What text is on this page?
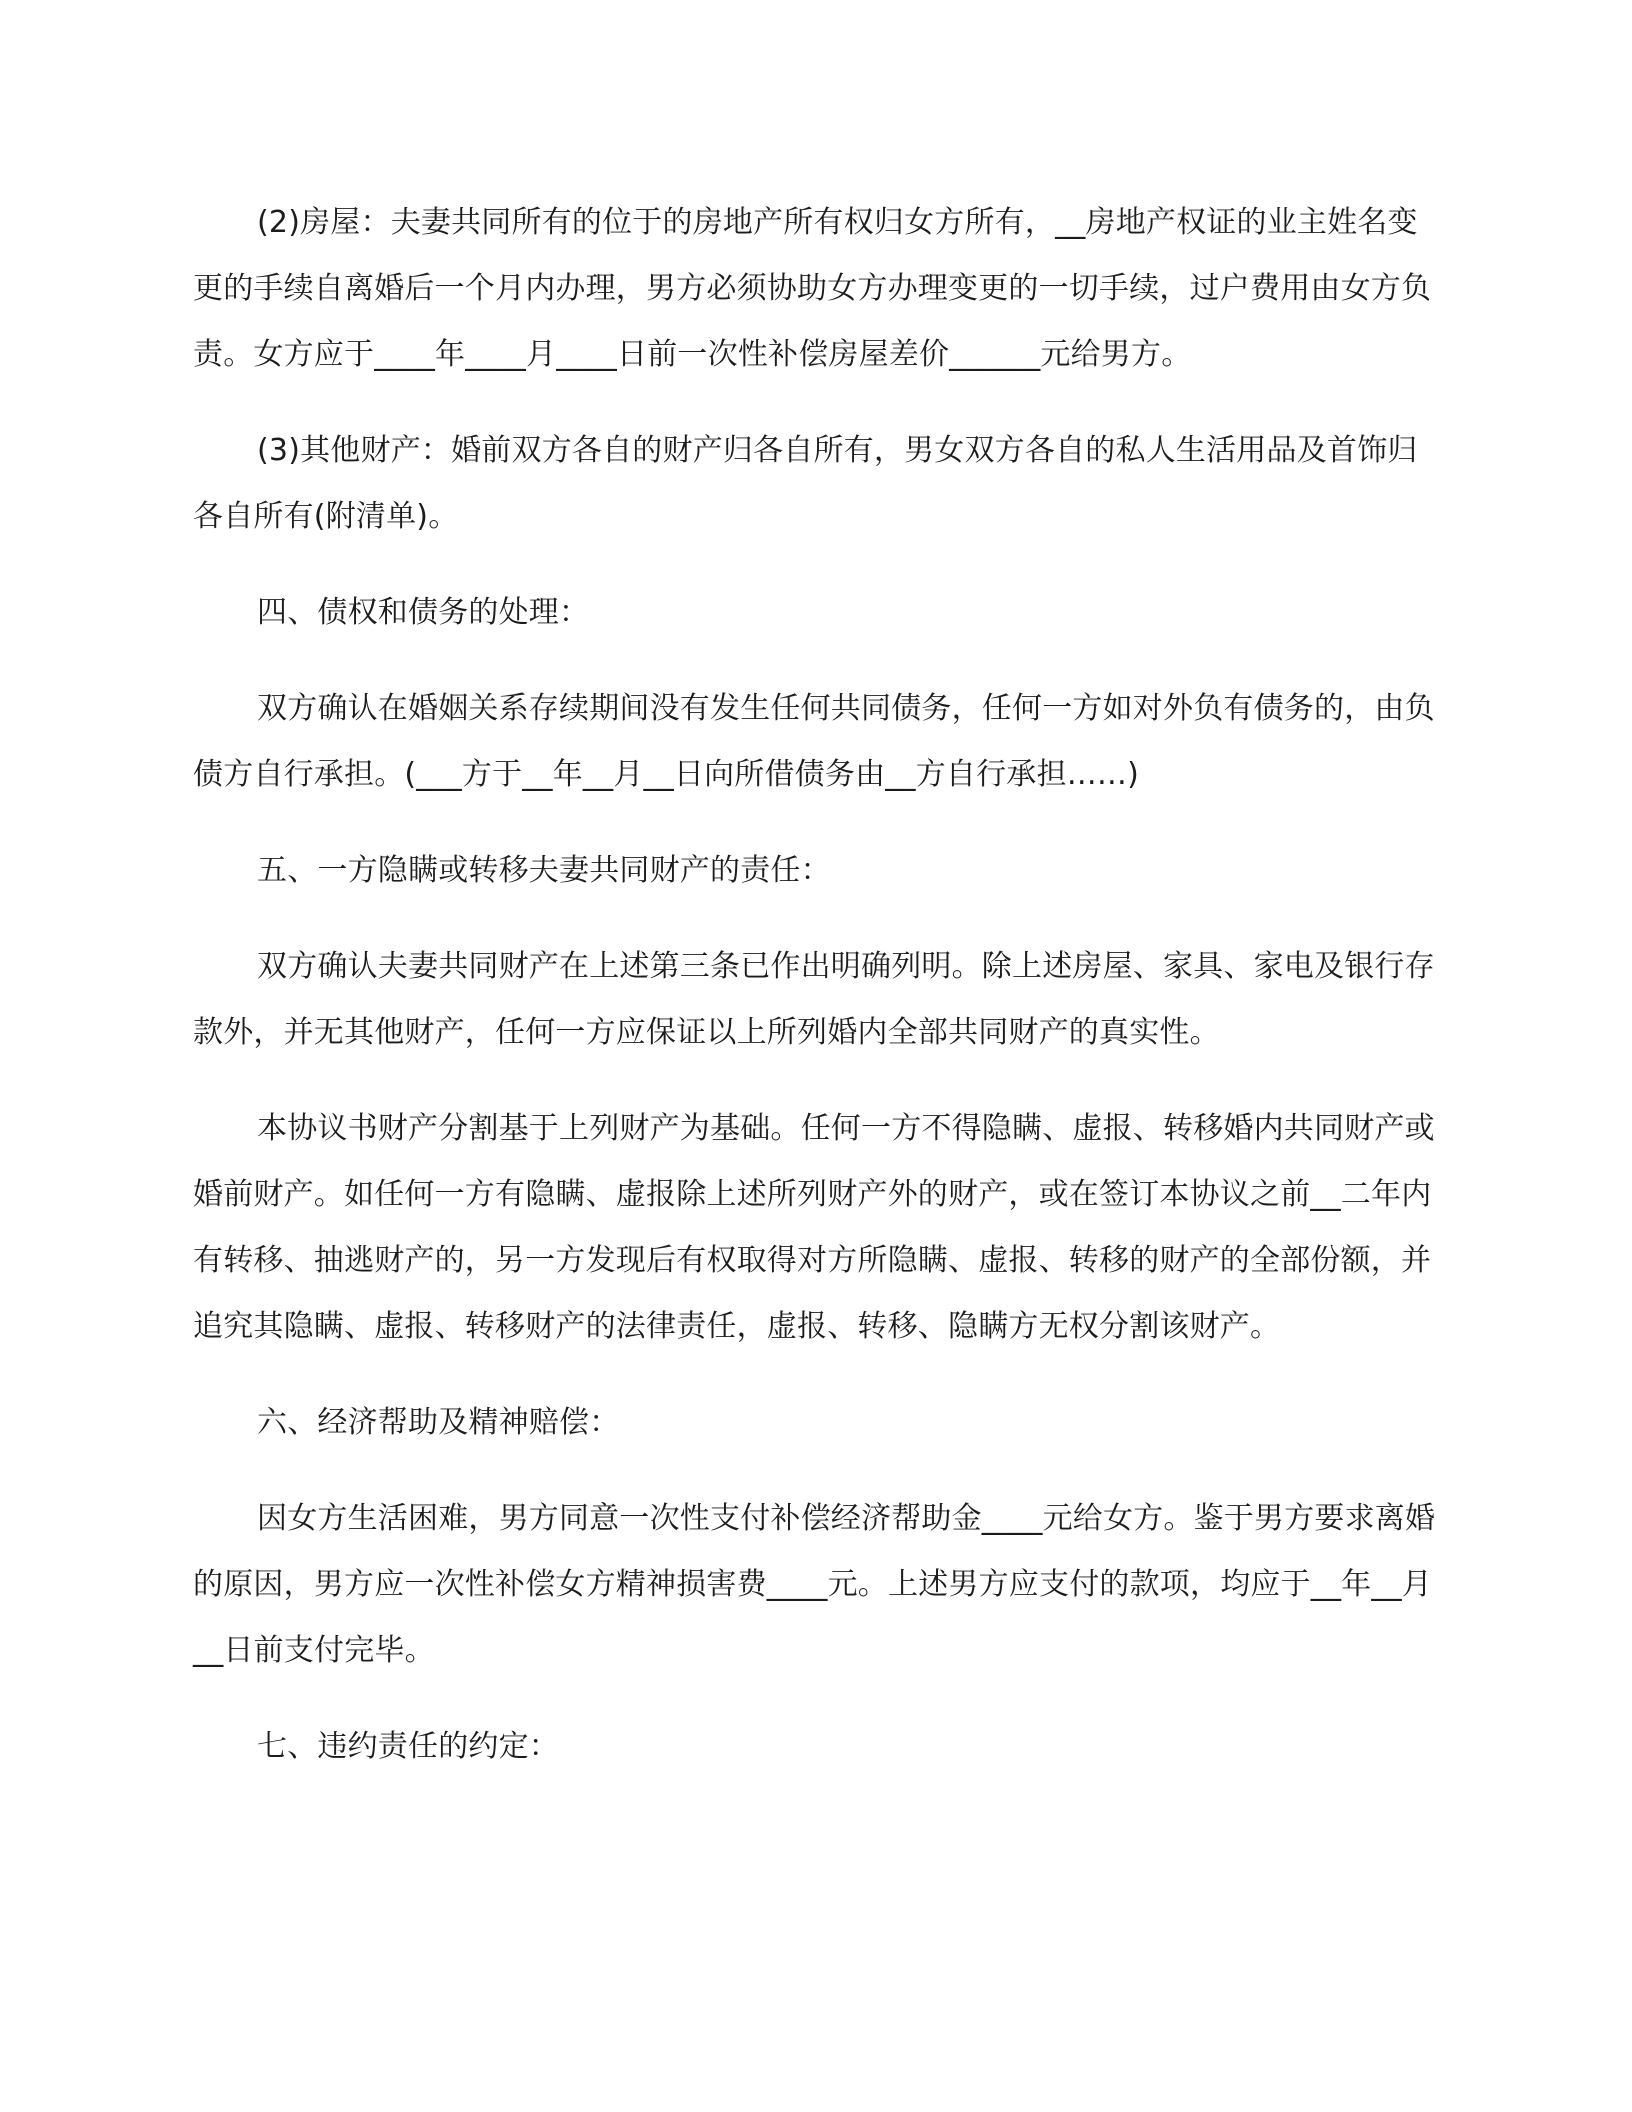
(2)房屋：夫妻共同所有的位于的房地产所有权归女方所有，__房地产权证的业主姓名变更的手续自离婚后一个月内办理，男方必须协助女方办理变更的一切手续，过户费用由女方负责。女方应于____年____月____日前一次性补偿房屋差价______元给男方。

(3)其他财产：婚前双方各自的财产归各自所有，男女双方各自的私人生活用品及首饰归各自所有(附清单)。

四、债权和债务的处理：

双方确认在婚姻关系存续期间没有发生任何共同债务，任何一方如对外负有债务的，由负债方自行承担。(___方于__年__月__日向所借债务由__方自行承担……)

五、一方隐瞒或转移夫妻共同财产的责任：

双方确认夫妻共同财产在上述第三条已作出明确列明。除上述房屋、家具、家电及银行存款外，并无其他财产，任何一方应保证以上所列婚内全部共同财产的真实性。

本协议书财产分割基于上列财产为基础。任何一方不得隐瞒、虚报、转移婚内共同财产或婚前财产。如任何一方有隐瞒、虚报除上述所列财产外的财产，或在签订本协议之前__二年内有转移、抽逃财产的，另一方发现后有权取得对方所隐瞒、虚报、转移的财产的全部份额，并追究其隐瞒、虚报、转移财产的法律责任，虚报、转移、隐瞒方无权分割该财产。

六、经济帮助及精神赔偿：

因女方生活困难，男方同意一次性支付补偿经济帮助金____元给女方。鉴于男方要求离婚的原因，男方应一次性补偿女方精神损害费____元。上述男方应支付的款项，均应于__年__月__日前支付完毕。

七、违约责任的约定：
